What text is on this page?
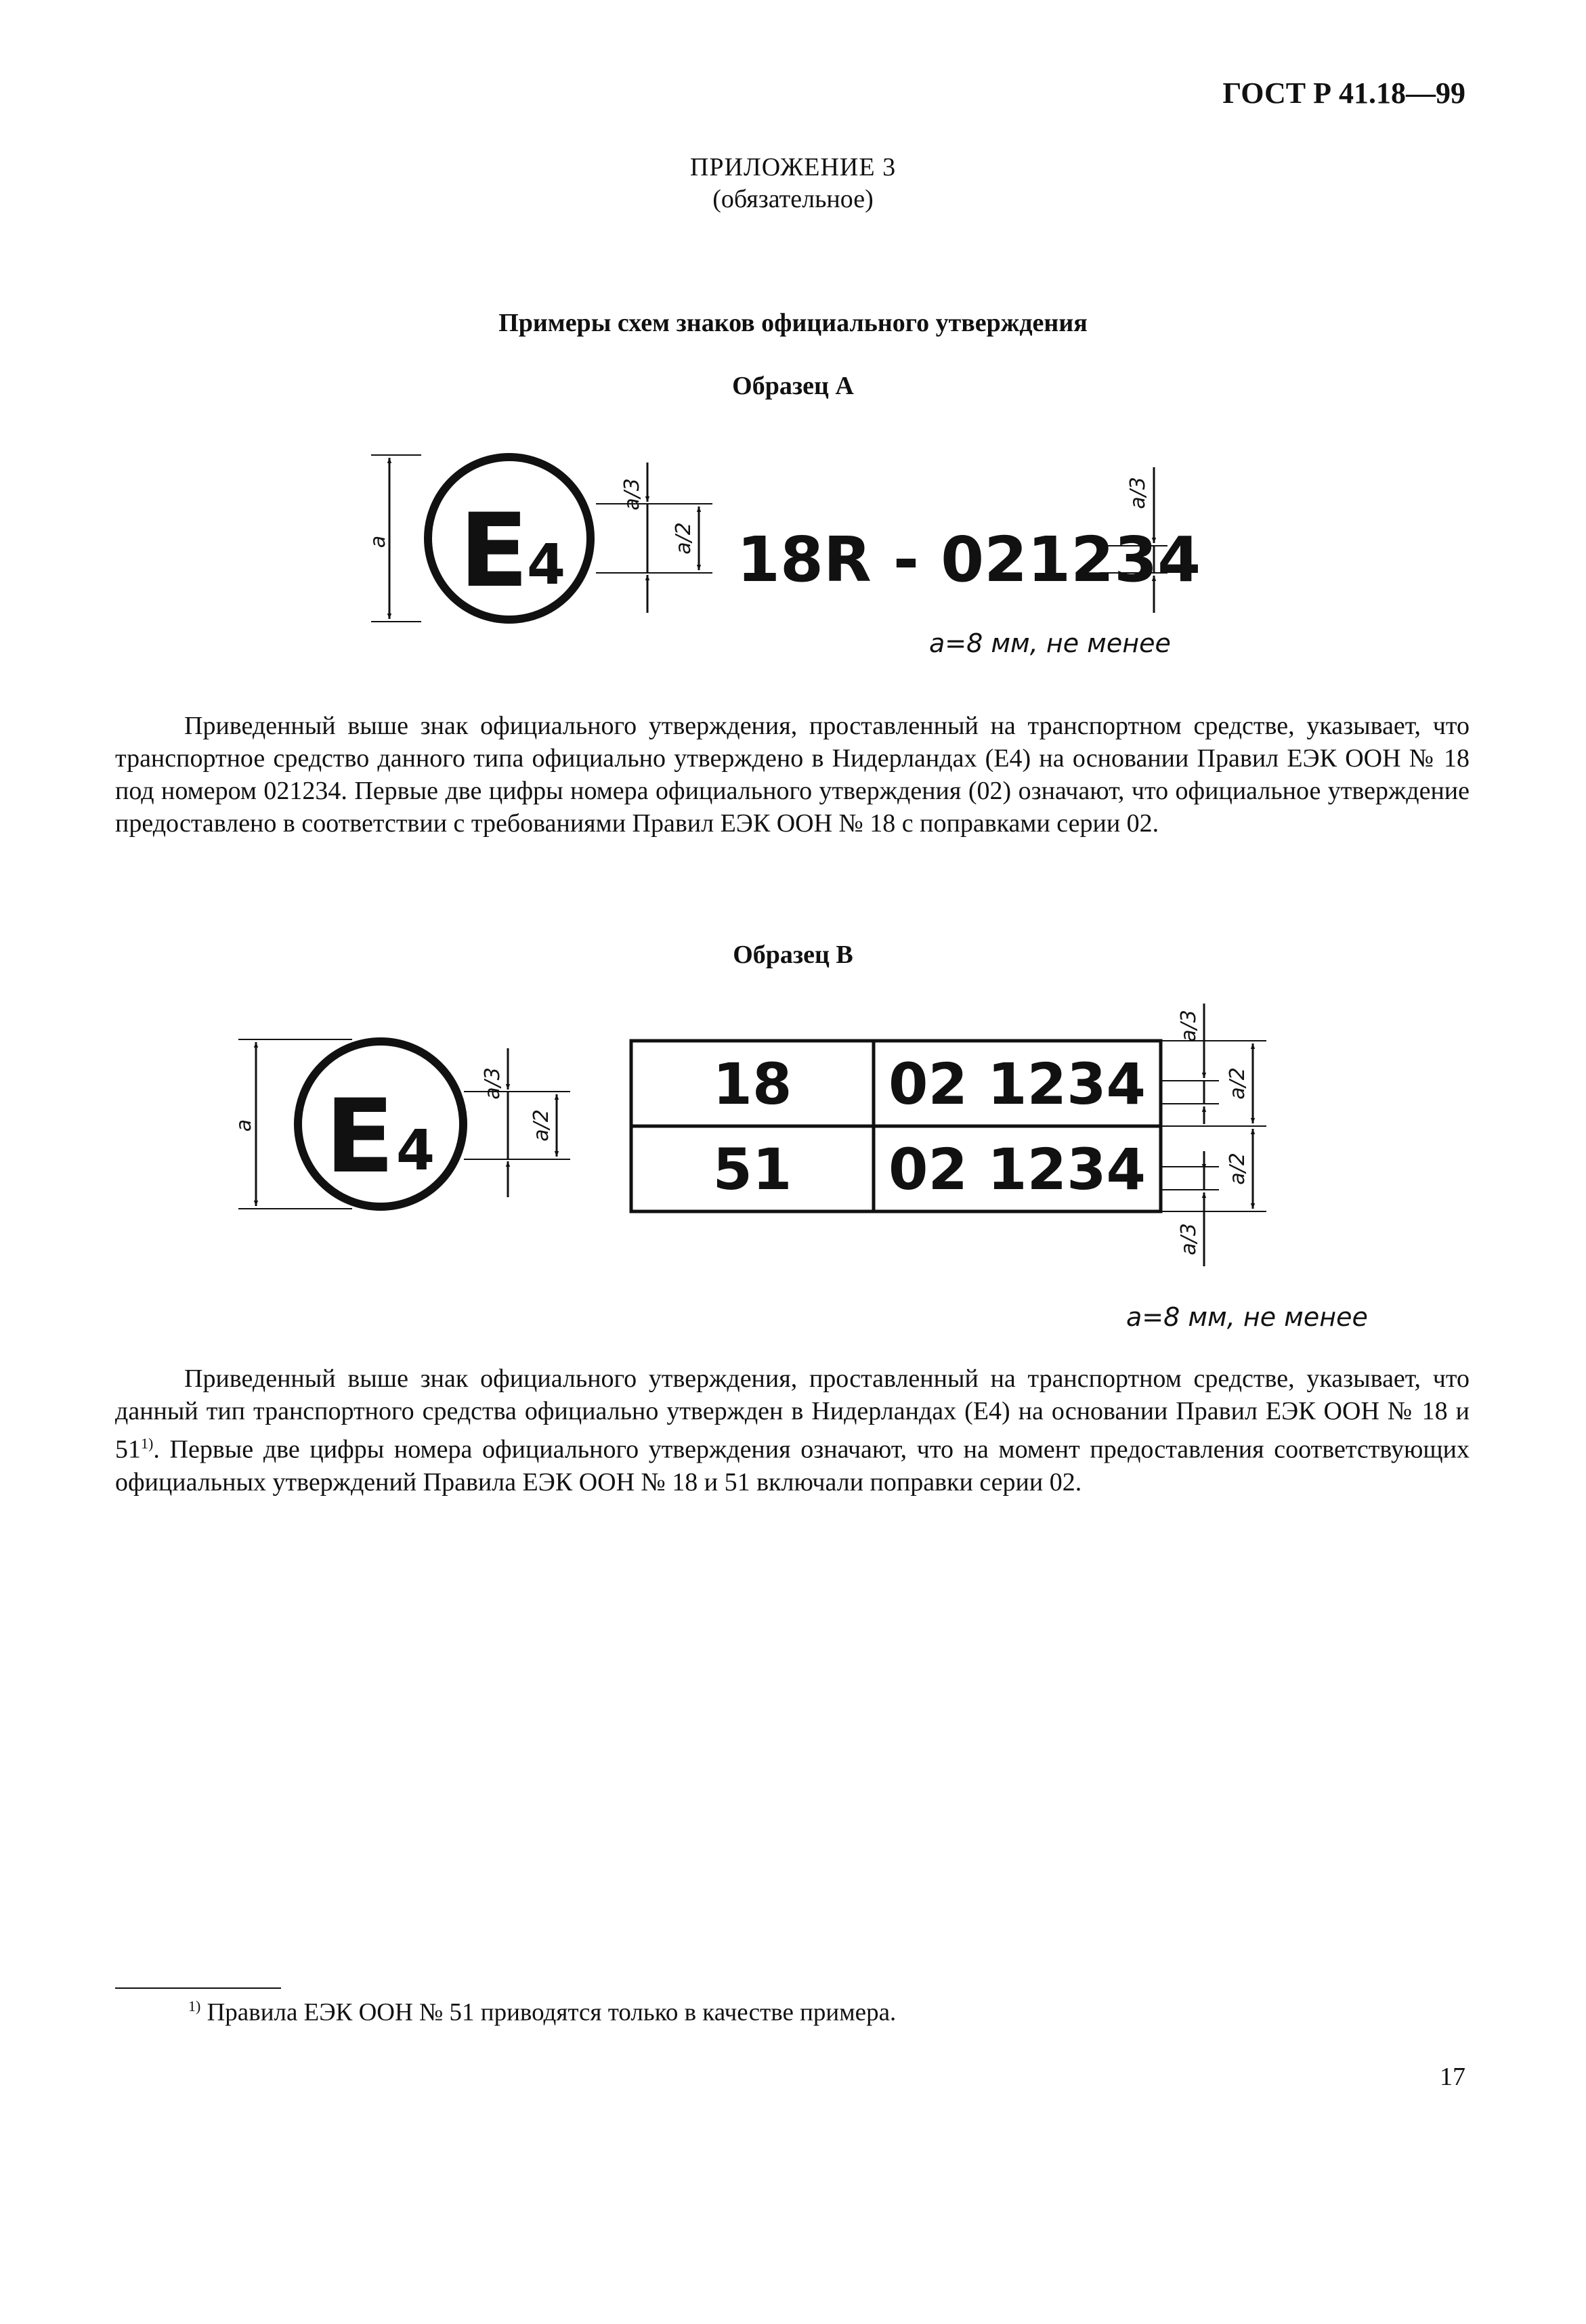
ГОСТ Р 41.18—99
ПРИЛОЖЕНИЕ 3
(обязательное)
Примеры схем знаков официального утверждения
Образец А
a E
4
a/3
a/2 18R - 021234
a/3
a E 4
a/3
a/2
18 02 1234
51 02 1234
a/3
a/2
a/2
a/3
a=8 мм, не менее
Приведенный выше знак официального утверждения, проставленный на транспортном средстве, указывает, что транспортное средство данного типа официально утверждено в Нидерландах (Е4) на основании Правил ЕЭК ООН № 18 под номером 021234. Первые две цифры номера официального утверждения (02) означают, что официальное утверждение предоставлено в соответствии с требованиями Правил ЕЭК ООН № 18 с поправками серии 02.
Образец В
a=8 мм, не менее
Приведенный выше знак официального утверждения, проставленный на транспортном средстве, указывает, что данный тип транспортного средства официально утвержден в Нидерландах (Е4) на основании Правил ЕЭК ООН № 18 и 51$^{1)}$. Первые две цифры номера официального утверждения означают, что на момент предоставления соответствующих официальных утверждений Правила ЕЭК ООН № 18 и 51 включали поправки серии 02.
$^{1)}$ Правила ЕЭК ООН № 51 приводятся только в качестве примера.
17
